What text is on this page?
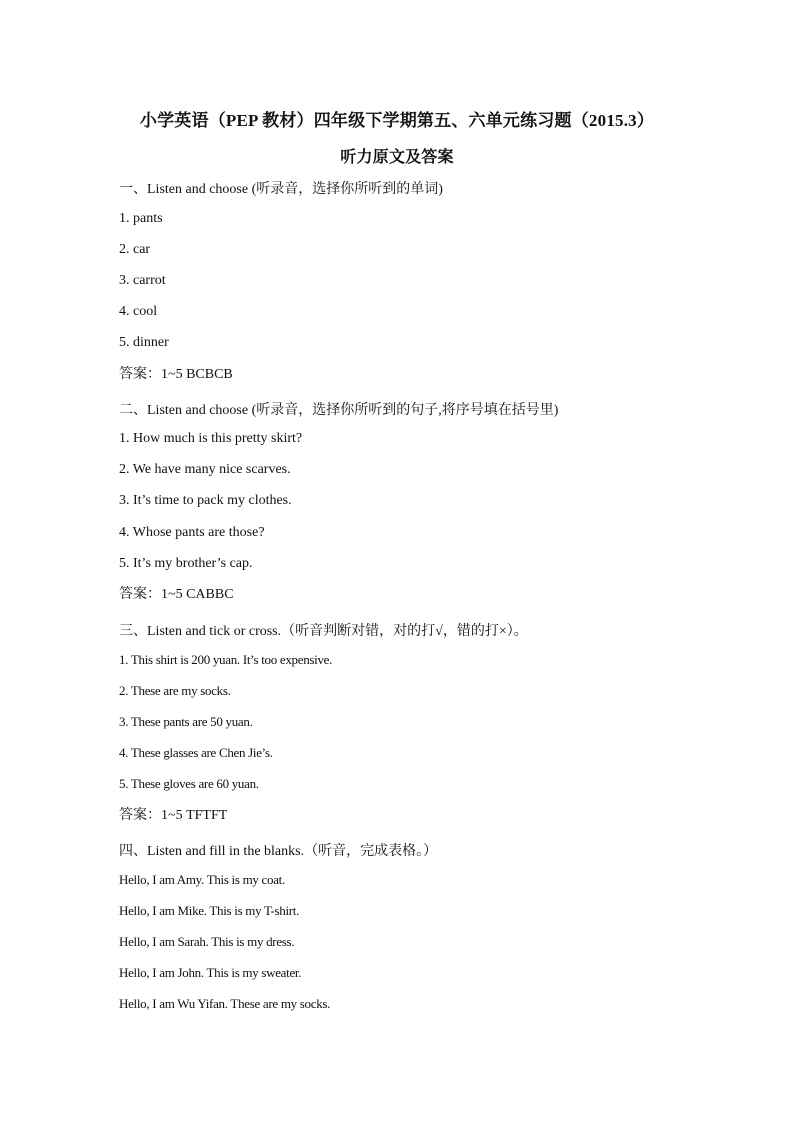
小学英语（PEP 教材）四年级下学期第五、六单元练习题（2015.3）
听力原文及答案
一、Listen and choose (听录音，选择你所听到的单词)
1. pants
2. car
3. carrot
4. cool
5. dinner
答案：1~5 BCBCB
二、Listen and choose (听录音，选择你所听到的句子,将序号填在括号里)
1. How much is this pretty skirt?
2. We have many nice scarves.
3. It’s time to pack my clothes.
4. Whose pants are those?
5. It’s my brother’s cap.
答案：1~5 CABBC
三、Listen and tick or cross.（听音判断对错，对的打√，错的打×）。
1. This shirt is 200 yuan. It’s too expensive.
2. These are my socks.
3. These pants are 50 yuan.
4. These glasses are Chen Jie’s.
5. These gloves are 60 yuan.
答案：1~5 TFTFT
四、Listen and fill in the blanks.（听音，完成表格。）
Hello, I am Amy. This is my coat.
Hello, I am Mike. This is my T-shirt.
Hello, I am Sarah. This is my dress.
Hello, I am John. This is my sweater.
Hello, I am Wu Yifan. These are my socks.
